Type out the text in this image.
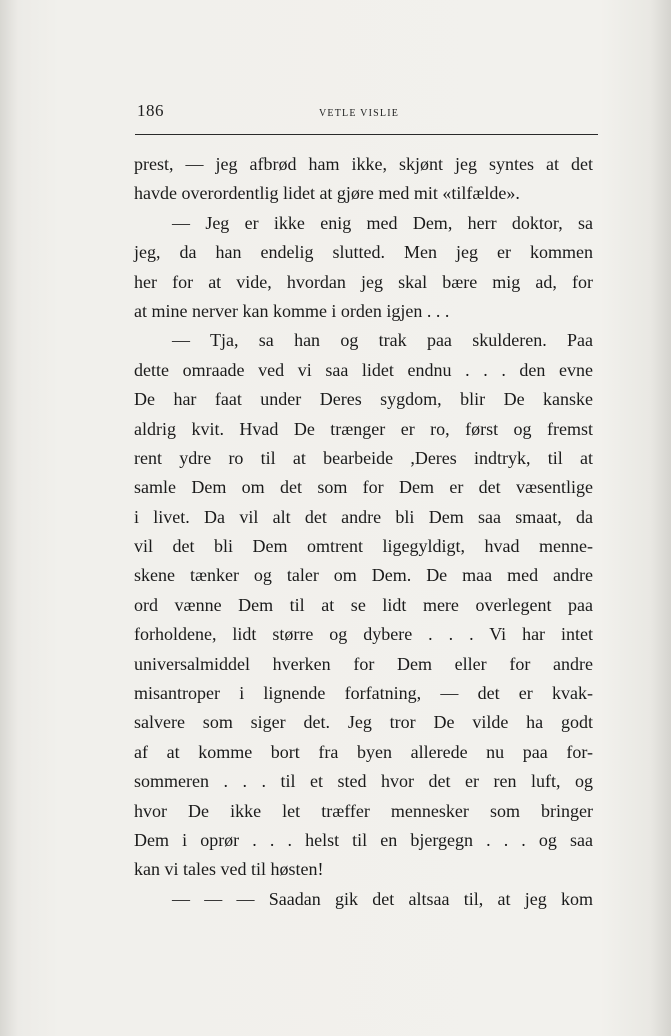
186	VETLE VISLIE
prest, — jeg afbrød ham ikke, skjønt jeg syntes at det
havde overordentlig lidet at gjøre med mit «tilfælde».
— Jeg er ikke enig med Dem, herr doktor, sa
jeg, da han endelig slutted. Men jeg er kommen
her for at vide, hvordan jeg skal bære mig ad, for
at mine nerver kan komme i orden igjen . . .
— Tja, sa han og trak paa skulderen. Paa
dette omraade ved vi saa lidet endnu . . . den evne
De har faat under Deres sygdom, blir De kanske
aldrig kvit. Hvad De trænger er ro, først og fremst
rent ydre ro til at bearbeide ,Deres indtryk, til at
samle Dem om det som for Dem er det væsentlige
i livet. Da vil alt det andre bli Dem saa smaat, da
vil det bli Dem omtrent ligegyldigt, hvad menne-
skene tænker og taler om Dem. De maa med andre
ord vænne Dem til at se lidt mere overlegent paa
forholdene, lidt større og dybere . . . Vi har intet
universalmiddel hverken for Dem eller for andre
misantroper i lignende forfatning, — det er kvak-
salvere som siger det. Jeg tror De vilde ha godt
af at komme bort fra byen allerede nu paa for-
sommeren . . . til et sted hvor det er ren luft, og
hvor De ikke let træffer mennesker som bringer
Dem i oprør . . . helst til en bjergegn . . . og saa
kan vi tales ved til høsten!
— — — Saadan gik det altsaa til, at jeg kom
